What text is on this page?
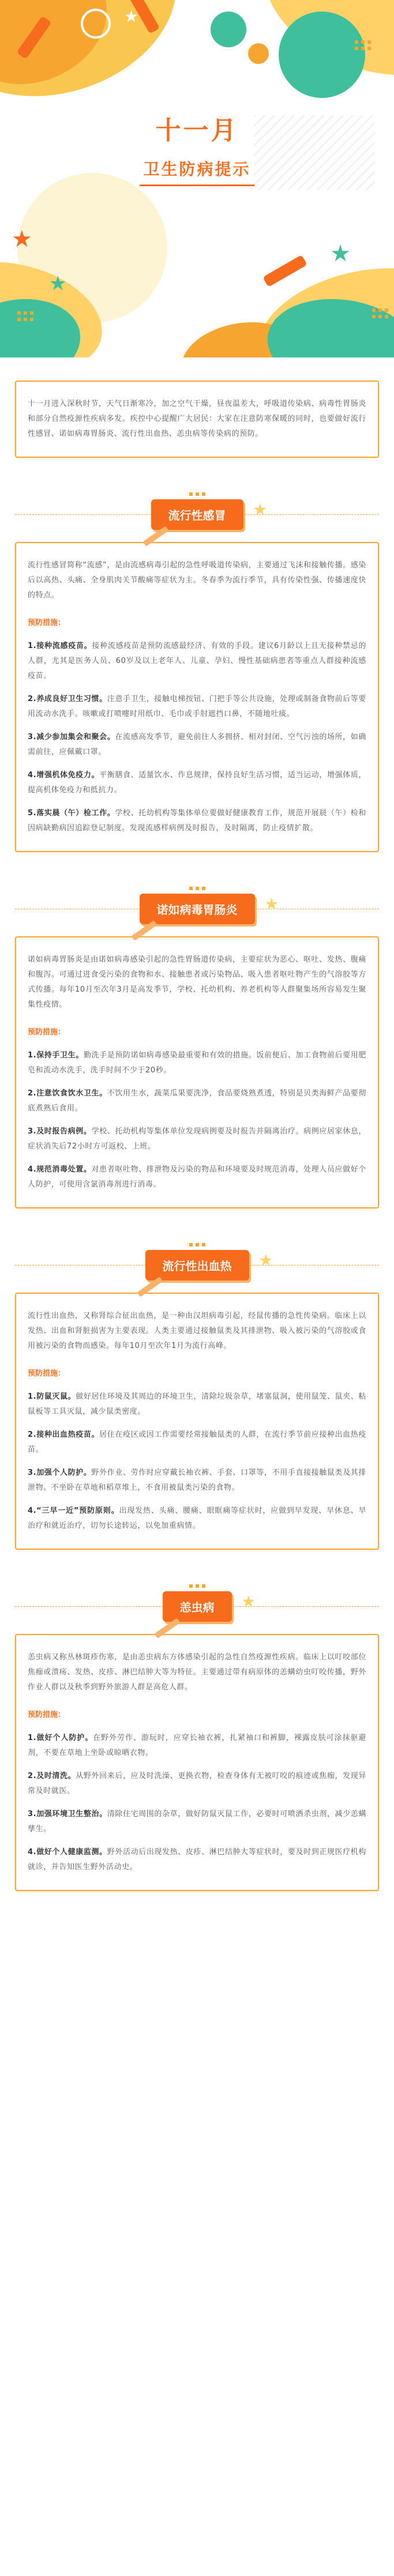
★
★
★
★
十一月
卫生防病提示

十一月进入深秋时节，天气日渐寒冷，加之空气干燥，昼夜温差大，呼吸道传染病、病毒性胃肠炎和部分自然疫源性疾病多发。疾控中心提醒广大居民：大家在注意防寒保暖的同时，也要做好流行性感冒、诺如病毒胃肠炎、流行性出血热、恙虫病等传染病的预防。

流行性感冒 ★

流行性感冒简称“流感”，是由流感病毒引起的急性呼吸道传染病，主要通过飞沫和接触传播。感染后以高热、头痛、全身肌肉关节酸痛等症状为主。冬春季为流行季节，具有传染性强、传播速度快的特点。

预防措施：

1.接种流感疫苗。接种流感疫苗是预防流感最经济、有效的手段。建议6月龄以上且无接种禁忌的人群，尤其是医务人员、60岁及以上老年人、儿童、孕妇、慢性基础病患者等重点人群接种流感疫苗。

2.养成良好卫生习惯。注意手卫生，接触电梯按钮、门把手等公共设施，处理或制备食物前后等要用流动水洗手。咳嗽或打喷嚏时用纸巾、毛巾或手肘遮挡口鼻，不随地吐痰。

3.减少参加集会和聚会。在流感高发季节，避免前往人多拥挤、相对封闭、空气污浊的场所，如确需前往，应佩戴口罩。

4.增强机体免疫力。平衡膳食、适量饮水、作息规律，保持良好生活习惯，适当运动，增强体质，提高机体免疫力和抵抗力。

5.落实晨（午）检工作。学校、托幼机构等集体单位要做好健康教育工作，规范开展晨（午）检和因病缺勤病因追踪登记制度。发现流感样病例及时报告，及时隔离，防止疫情扩散。

诺如病毒胃肠炎 ★

诺如病毒胃肠炎是由诺如病毒感染引起的急性胃肠道传染病，主要症状为恶心、呕吐、发热、腹痛和腹泻。可通过进食受污染的食物和水、接触患者或污染物品、吸入患者呕吐物产生的气溶胶等方式传播。每年10月至次年3月是高发季节，学校、托幼机构、养老机构等人群聚集场所容易发生聚集性疫情。

预防措施：

1.保持手卫生。勤洗手是预防诺如病毒感染最重要和有效的措施。饭前便后、加工食物前后要用肥皂和流动水洗手，洗手时间不少于20秒。

2.注意饮食饮水卫生。不饮用生水，蔬菜瓜果要洗净，食品要烧熟煮透，特别是贝类海鲜产品要彻底煮熟后食用。

3.及时报告病例。学校、托幼机构等集体单位发现病例要及时报告并隔离治疗。病例应居家休息，症状消失后72小时方可返校、上班。

4.规范消毒处置。对患者呕吐物、排泄物及污染的物品和环境要及时规范消毒，处理人员应做好个人防护，可使用含氯消毒剂进行消毒。

流行性出血热 ★

流行性出血热，又称肾综合征出血热，是一种由汉坦病毒引起，经鼠传播的急性传染病。临床上以发热、出血和肾脏损害为主要表现。人类主要通过接触鼠类及其排泄物、吸入被污染的气溶胶或食用被污染的食物而感染。每年10月至次年1月为流行高峰。

预防措施：

1.防鼠灭鼠。做好居住环境及其周边的环境卫生，清除垃圾杂草，堵塞鼠洞，使用鼠笼、鼠夹、粘鼠板等工具灭鼠，减少鼠类密度。

2.接种出血热疫苗。居住在疫区或因工作需要经常接触鼠类的人群，在流行季节前应接种出血热疫苗。

3.加强个人防护。野外作业、劳作时应穿戴长袖衣裤、手套、口罩等，不用手直接接触鼠类及其排泄物。不坐卧在草地和稻草堆上，不食用被鼠类污染的食物。

4.“三早一近”预防原则。出现发热、头痛、腰痛、眼眶痛等症状时，应做到早发现、早休息、早治疗和就近治疗，切勿长途转运，以免加重病情。

恙虫病 ★

恙虫病又称丛林斑疹伤寒，是由恙虫病东方体感染引起的急性自然疫源性疾病。临床上以叮咬部位焦痂或溃疡、发热、皮疹、淋巴结肿大等为特征。主要通过带有病原体的恙螨幼虫叮咬传播，野外作业人群以及秋季到野外旅游人群是高危人群。

预防措施：

1.做好个人防护。在野外劳作、游玩时，应穿长袖衣裤，扎紧袖口和裤脚，裸露皮肤可涂抹驱避剂，不要在草地上坐卧或晾晒衣物。

2.及时清洗。从野外回来后，应及时洗澡、更换衣物，检查身体有无被叮咬的痕迹或焦痂，发现异常及时就医。

3.加强环境卫生整治。清除住宅周围的杂草，做好防鼠灭鼠工作，必要时可喷洒杀虫剂，减少恙螨孳生。

4.做好个人健康监测。野外活动后出现发热、皮疹、淋巴结肿大等症状时，要及时到正规医疗机构就诊，并告知医生野外活动史。
